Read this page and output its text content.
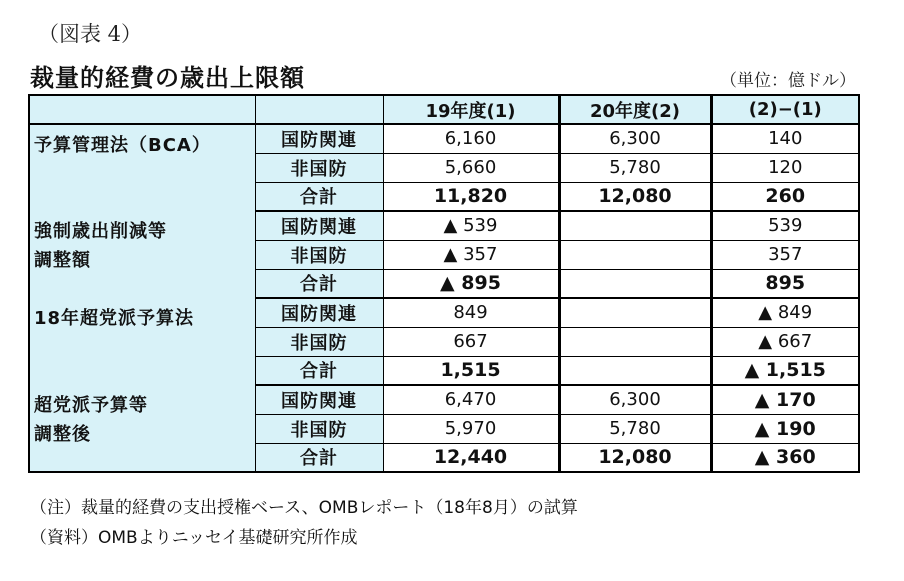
（図表 4）
裁量的経費の歳出上限額	（単位：億ドル）
		19年度(1)	20年度(2)	(2)−(1)

予算管理法（BCA）	国防関連	6,160	6,300	140
	非国防	5,660	5,780	120
	合計	11,820	12,080	260

強制歳出削減等
調整額	国防関連	▲ 539		539
	非国防	▲ 357		357
	合計	▲ 895		895

18年超党派予算法	国防関連	849		▲ 849
	非国防	667		▲ 667
	合計	1,515		▲ 1,515

超党派予算等
調整後	国防関連	6,470	6,300	▲ 170
	非国防	5,970	5,780	▲ 190
	合計	12,440	12,080	▲ 360
（注）裁量的経費の支出授権ベース、OMBレポート（18年8月）の試算
（資料）OMBよりニッセイ基礎研究所作成
